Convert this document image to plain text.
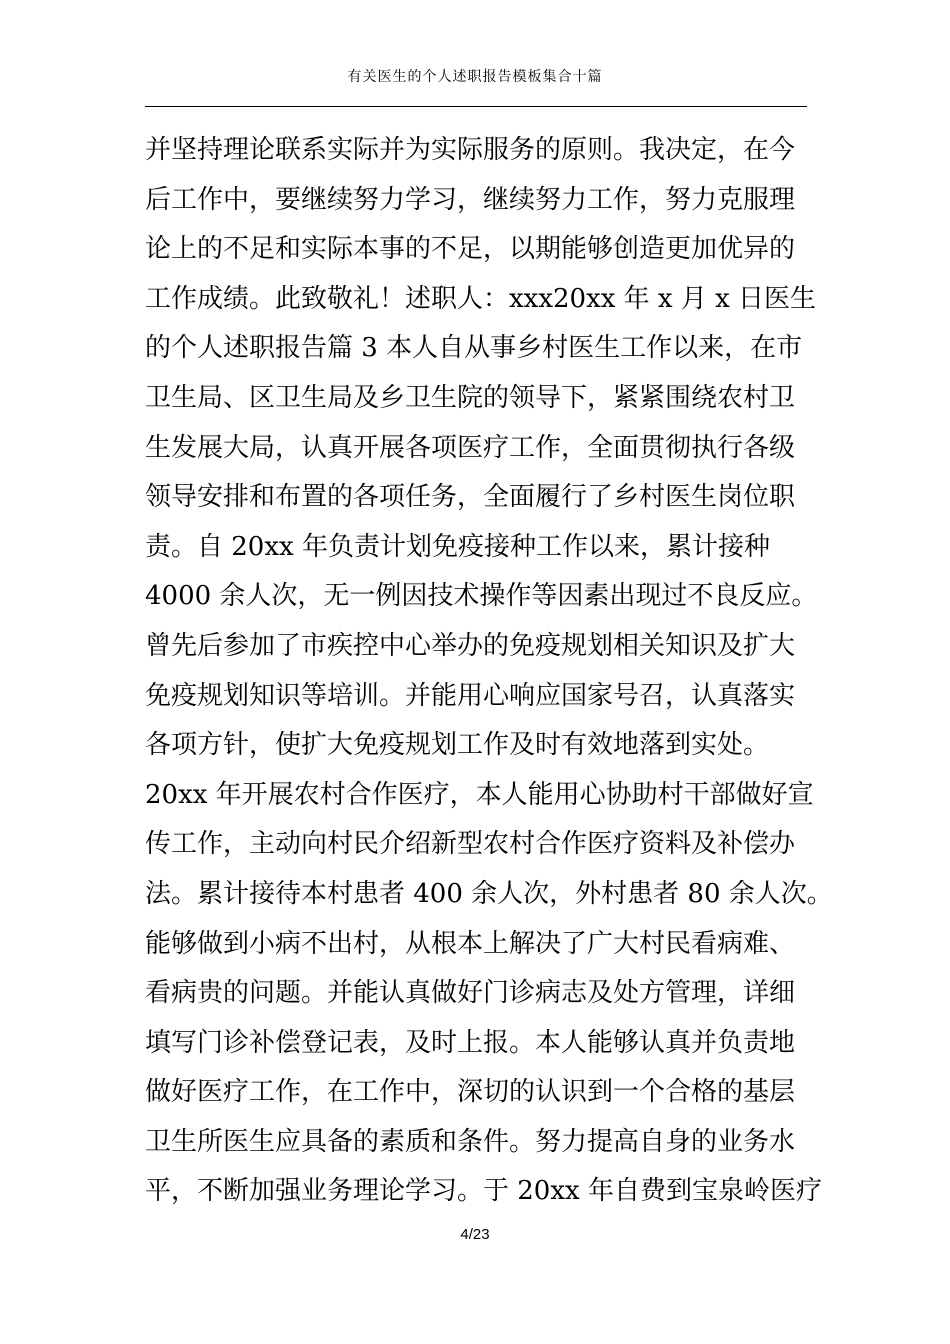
有关医生的个人述职报告模板集合十篇
并坚持理论联系实际并为实际服务的原则。我决定，在今
后工作中，要继续努力学习，继续努力工作，努力克服理
论上的不足和实际本事的不足，以期能够创造更加优异的
工作成绩。此致敬礼！述职人：xxx20xx 年 x 月 x 日医生
的个人述职报告篇 3 本人自从事乡村医生工作以来，在市
卫生局、区卫生局及乡卫生院的领导下，紧紧围绕农村卫
生发展大局，认真开展各项医疗工作，全面贯彻执行各级
领导安排和布置的各项任务，全面履行了乡村医生岗位职
责。自 20xx 年负责计划免疫接种工作以来，累计接种
4000 余人次，无一例因技术操作等因素出现过不良反应。
曾先后参加了市疾控中心举办的免疫规划相关知识及扩大
免疫规划知识等培训。并能用心响应国家号召，认真落实
各项方针，使扩大免疫规划工作及时有效地落到实处。
20xx 年开展农村合作医疗，本人能用心协助村干部做好宣
传工作，主动向村民介绍新型农村合作医疗资料及补偿办
法。累计接待本村患者 400 余人次，外村患者 80 余人次。
能够做到小病不出村，从根本上解决了广大村民看病难、
看病贵的问题。并能认真做好门诊病志及处方管理，详细
填写门诊补偿登记表，及时上报。本人能够认真并负责地
做好医疗工作，在工作中，深切的认识到一个合格的基层
卫生所医生应具备的素质和条件。努力提高自身的业务水
平，不断加强业务理论学习。于 20xx 年自费到宝泉岭医疗
4/23
